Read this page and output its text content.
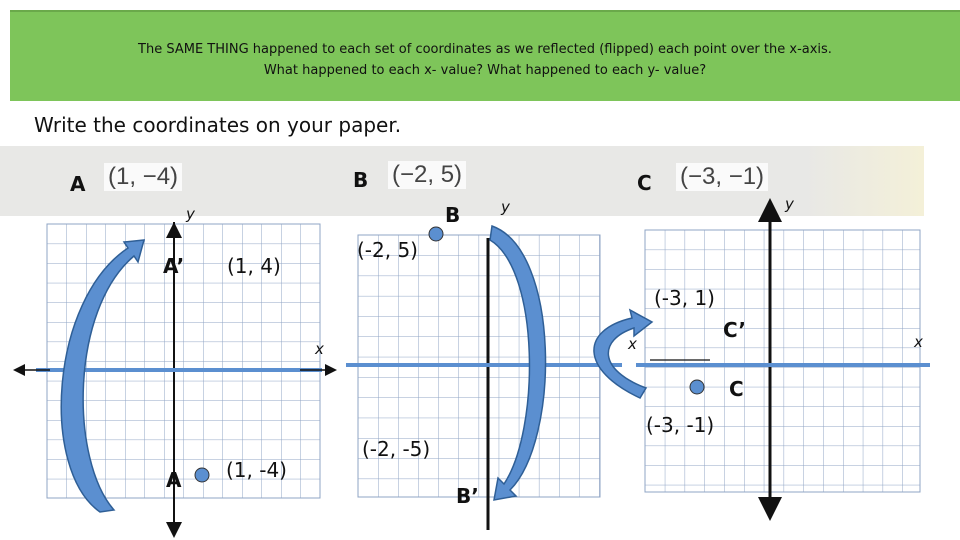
The SAME THING happened to each set of coordinates as we reflected (flipped) each point over the x-axis.
What happened to each x- value? What happened to each y- value?
Write the coordinates on your paper.
A (1, −4)	B (−2, 5)	C (−3, −1)
y
x
A’ (1, 4)
A (1, -4)
y
B
(-2, 5)
(-2, -5)
B’
y
x	x
(-3, 1)
C’
C
(-3, -1)
